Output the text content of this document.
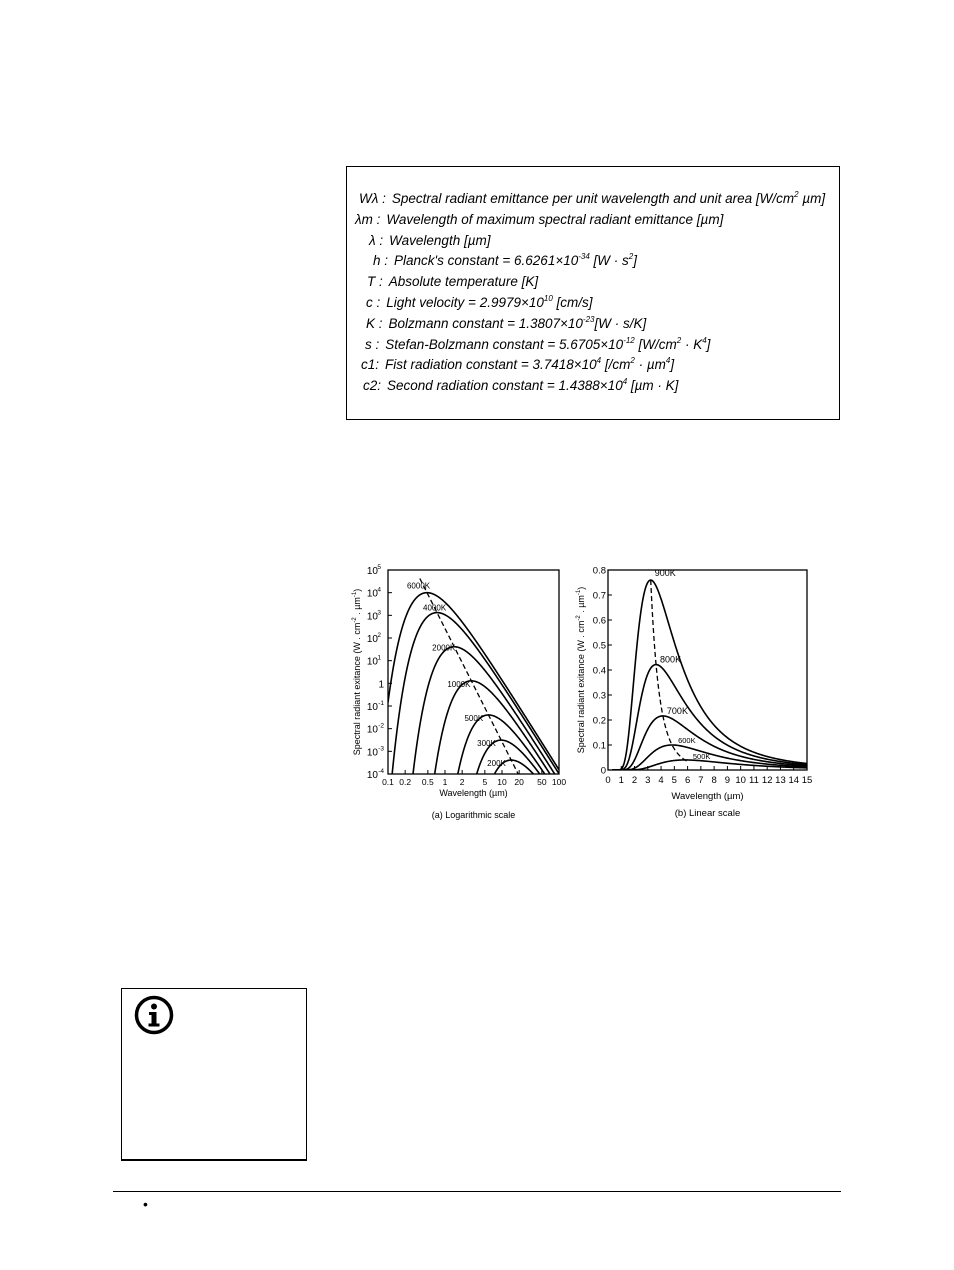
Wλ : Spectral radiant emittance per unit wavelength and unit area [$W/cm^2$ µm]
λm : Wavelength of maximum spectral radiant emittance [µm]
λ : Wavelength [µm]
h : Planck's constant = $6.6261\times 10^{-34}$ $[W \cdot s^2]$
T : Absolute temperature [K]
c : Light velocity = $2.9979\times 10^{10}$ [cm/s]
K : Bolzmann constant = $1.3807\times 10^{-23}[W \cdot s/K]$
s : Stefan-Bolzmann constant = $5.6705\times 10^{-12}$ $[W/cm^2 \cdot K^4]$
c1: Fist radiation constant = $3.7418\times 10^4$ $[/cm^2 \cdot \mu m^4]$
c2: Second radiation constant = $1.4388\times 10^4$ [µm · K]
0.1 0.2 0.5 1 2 5 10 20 50 100
10 5
10 4
10 3
10 2
10 1
1
10 -1
10 -2
10 -3
10 -4
6000K
4000K
2000K
1000K
500K
300K
200K
Wavelength (µm)
(a) Logarithmic scale
Spectral radiant exitance (W . $cm^{-2}$ . µm$^{-1}$)
0 1 2 3 4 5 6 7 8 9 10 11 12 13 14 15
0
0.1
0.2
0.3
0.4
0.5
0.6
0.7
0.8	900K
800K
700K
600K
500K
Wavelength (µm)
(b) Linear scale
Spectral radiant exitance (W . $cm^{-2}$ . µm$^{-1}$)
•
